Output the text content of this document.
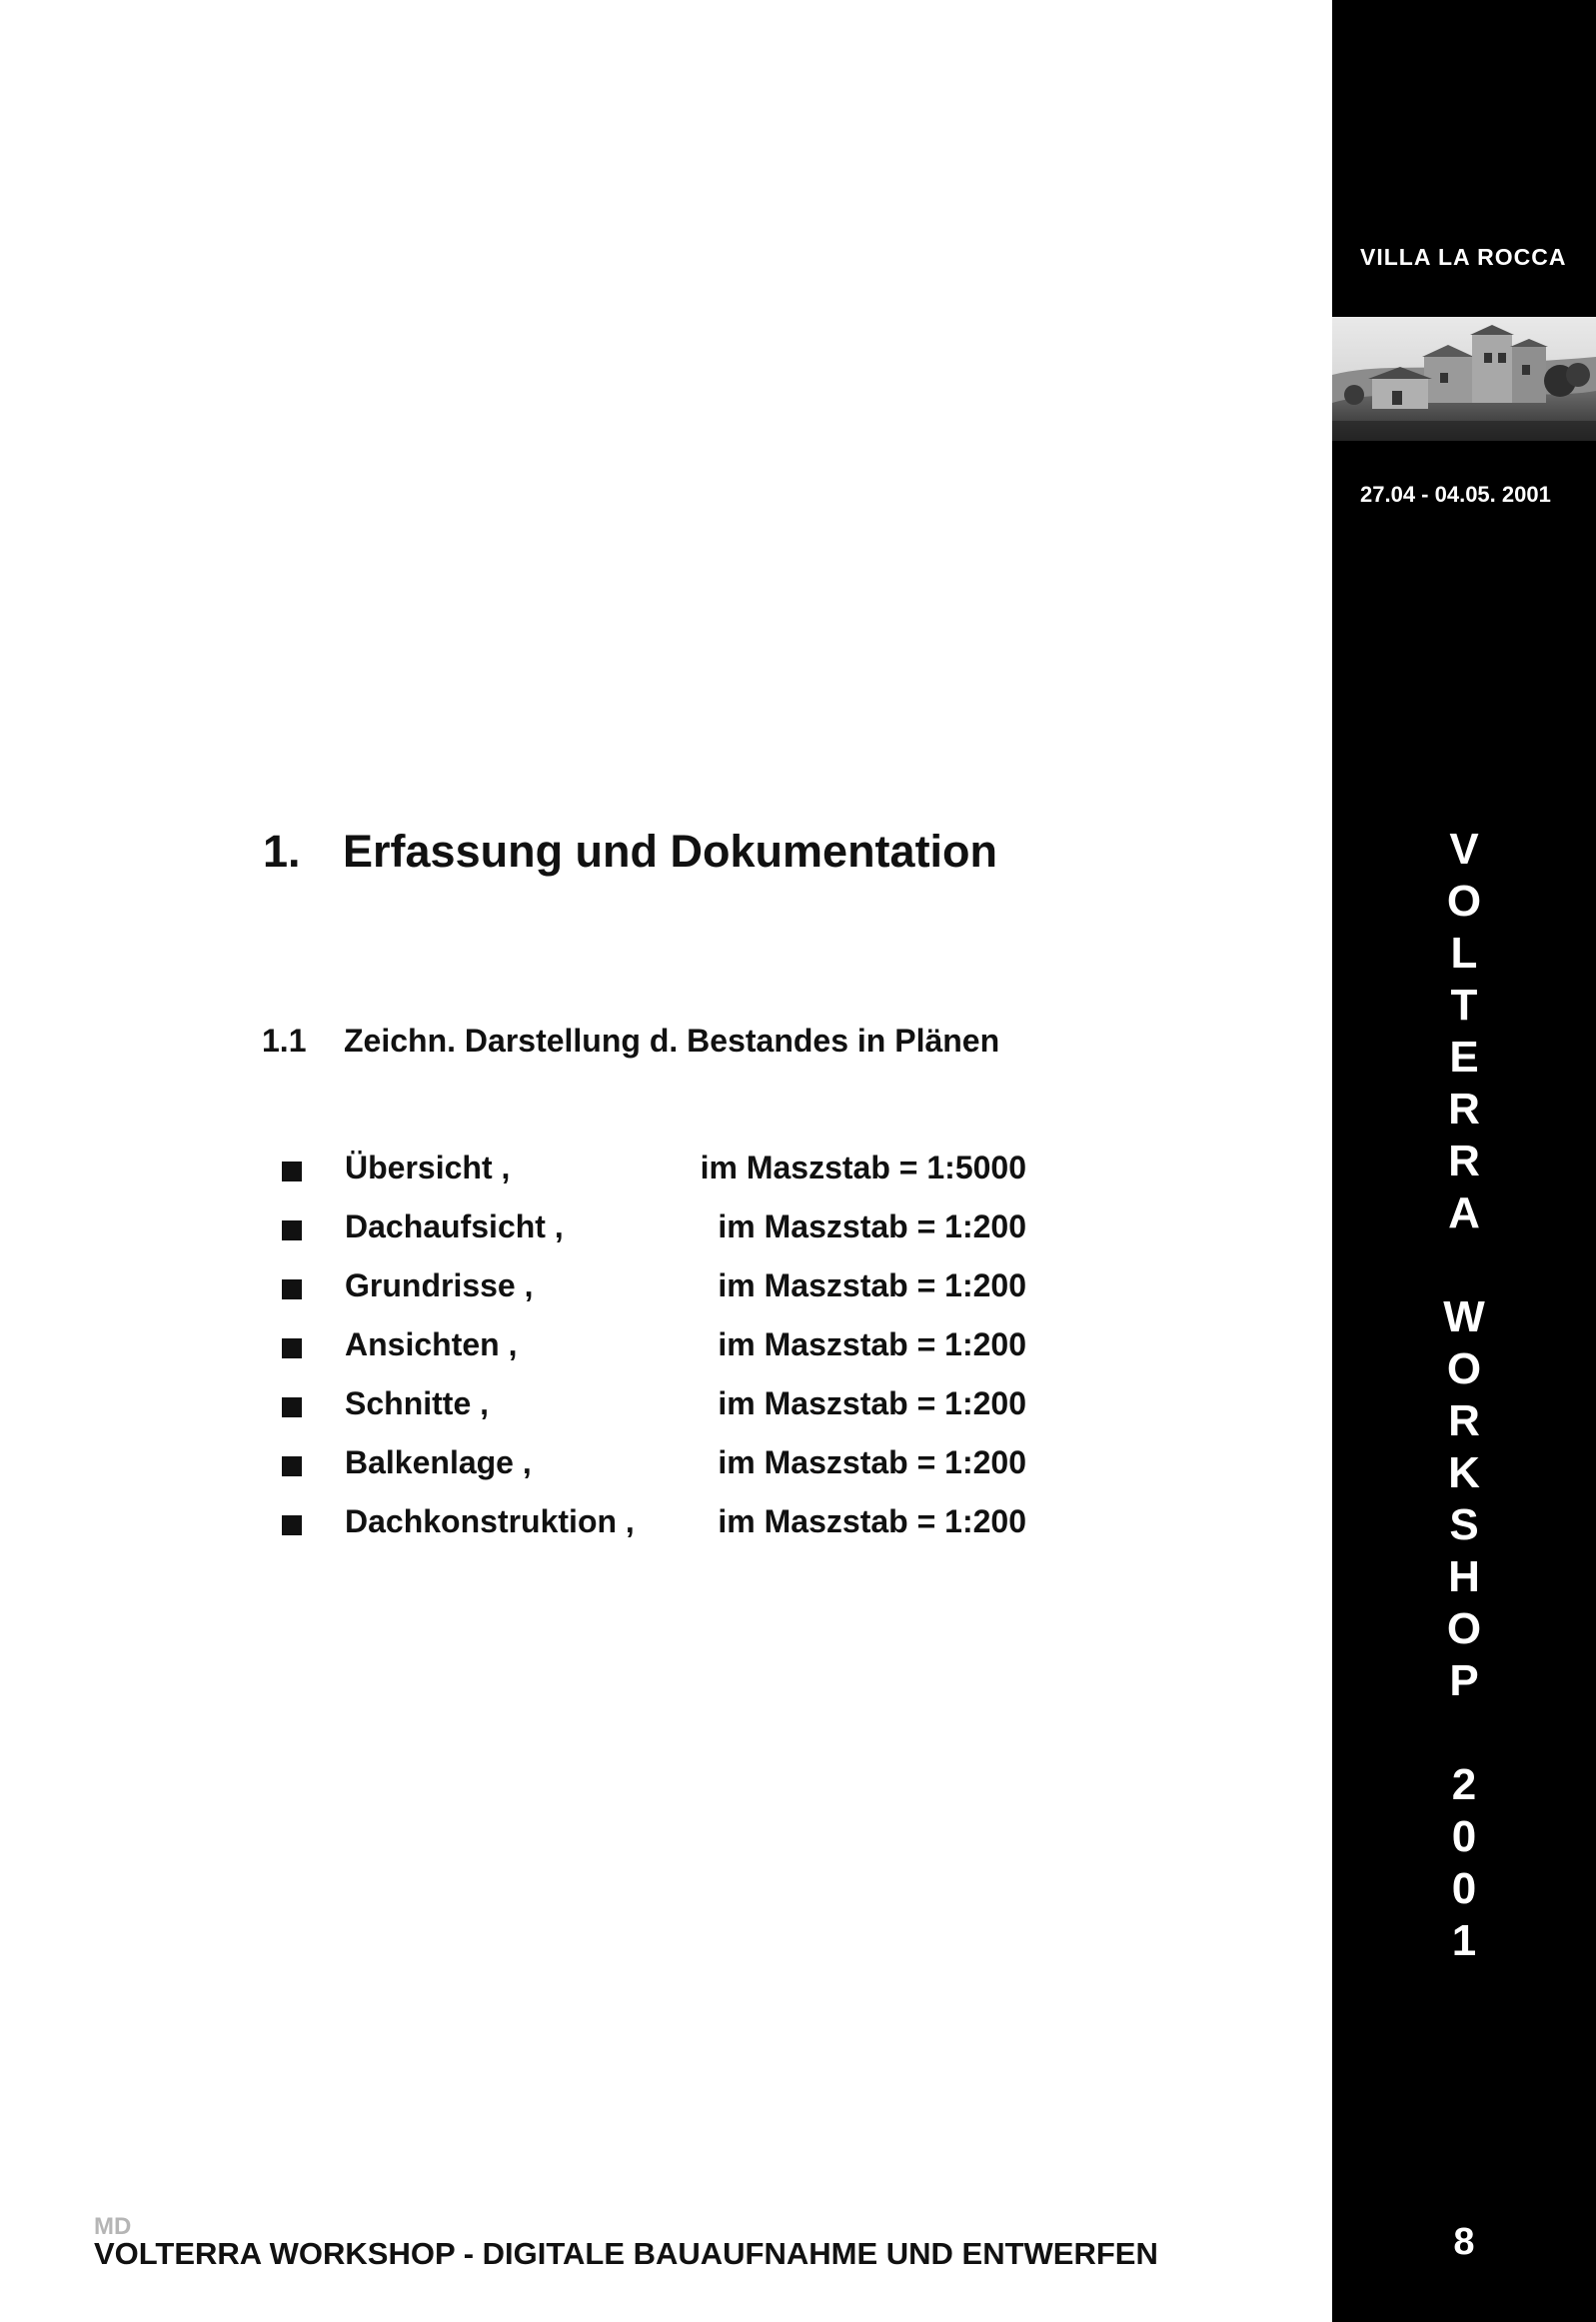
1. Erfassung und Dokumentation
1.1 Zeichn. Darstellung d. Bestandes in Plänen
Übersicht ,	im Maszstab = 1:5000
Dachaufsicht ,	im Maszstab = 1:200
Grundrisse ,	im Maszstab = 1:200
Ansichten ,	im Maszstab = 1:200
Schnitte ,	im Maszstab = 1:200
Balkenlage ,	im Maszstab = 1:200
Dachkonstruktion ,	im Maszstab = 1:200
MD
VOLTERRA WORKSHOP - DIGITALE BAUAUFNAHME UND ENTWERFEN
VILLA LA ROCCA
27.04 - 04.05. 2001
V
O
L
T
E
R
R
A
W
O
R
K
S
H
O
P
2
0
0
1
8
